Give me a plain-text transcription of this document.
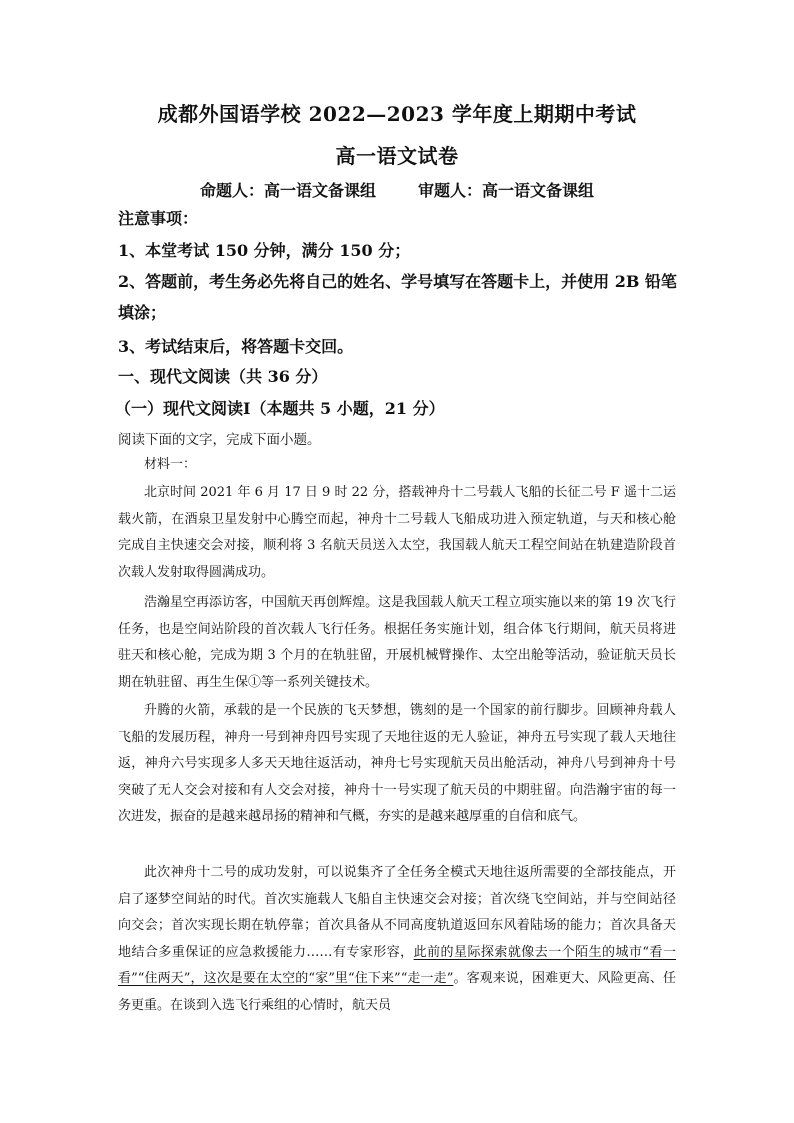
成都外国语学校 2022—2023 学年度上期期中考试
高一语文试卷
命题人：高一语文备课组	审题人：高一语文备课组
注意事项：
1、本堂考试 150 分钟，满分 150 分；
2、答题前，考生务必先将自己的姓名、学号填写在答题卡上，并使用 2B 铅笔
填涂；
3、考试结束后，将答题卡交回。
一、现代文阅读（共 36 分）
（一）现代文阅读Ⅰ（本题共 5 小题，21 分）
阅读下面的文字，完成下面小题。
材料一：
北京时间 2021 年 6 月 17 日 9 时 22 分，搭载神舟十二号载人飞船的长征二号 F 遥十二运载火箭，在酒泉卫星发射中心腾空而起，神舟十二号载人飞船成功进入预定轨道，与天和核心舱完成自主快速交会对接，顺利将 3 名航天员送入太空，我国载人航天工程空间站在轨建造阶段首次载人发射取得圆满成功。
浩瀚星空再添访客，中国航天再创辉煌。这是我国载人航天工程立项实施以来的第 19 次飞行任务，也是空间站阶段的首次载人飞行任务。根据任务实施计划，组合体飞行期间，航天员将进驻天和核心舱，完成为期 3 个月的在轨驻留，开展机械臂操作、太空出舱等活动，验证航天员长期在轨驻留、再生生保①等一系列关键技术。
升腾的火箭，承载的是一个民族的飞天梦想，镌刻的是一个国家的前行脚步。回顾神舟载人飞船的发展历程，神舟一号到神舟四号实现了天地往返的无人验证，神舟五号实现了载人天地往返，神舟六号实现多人多天天地往返活动，神舟七号实现航天员出舱活动，神舟八号到神舟十号突破了无人交会对接和有人交会对接，神舟十一号实现了航天员的中期驻留。向浩瀚宇宙的每一次进发，振奋的是越来越昂扬的精神和气概，夯实的是越来越厚重的自信和底气。
此次神舟十二号的成功发射，可以说集齐了全任务全模式天地往返所需要的全部技能点，开启了逐梦空间站的时代。首次实施载人飞船自主快速交会对接；首次绕飞空间站，并与空间站径向交会；首次实现长期在轨停靠；首次具备从不同高度轨道返回东风着陆场的能力；首次具备天地结合多重保证的应急救援能力……有专家形容，此前的星际探索就像去一个陌生的城市“看一看”“住两天”，这次是要在太空的“家”里“住下来”“走一走”。客观来说，困难更大、风险更高、任务更重。在谈到入选飞行乘组的心情时，航天员
